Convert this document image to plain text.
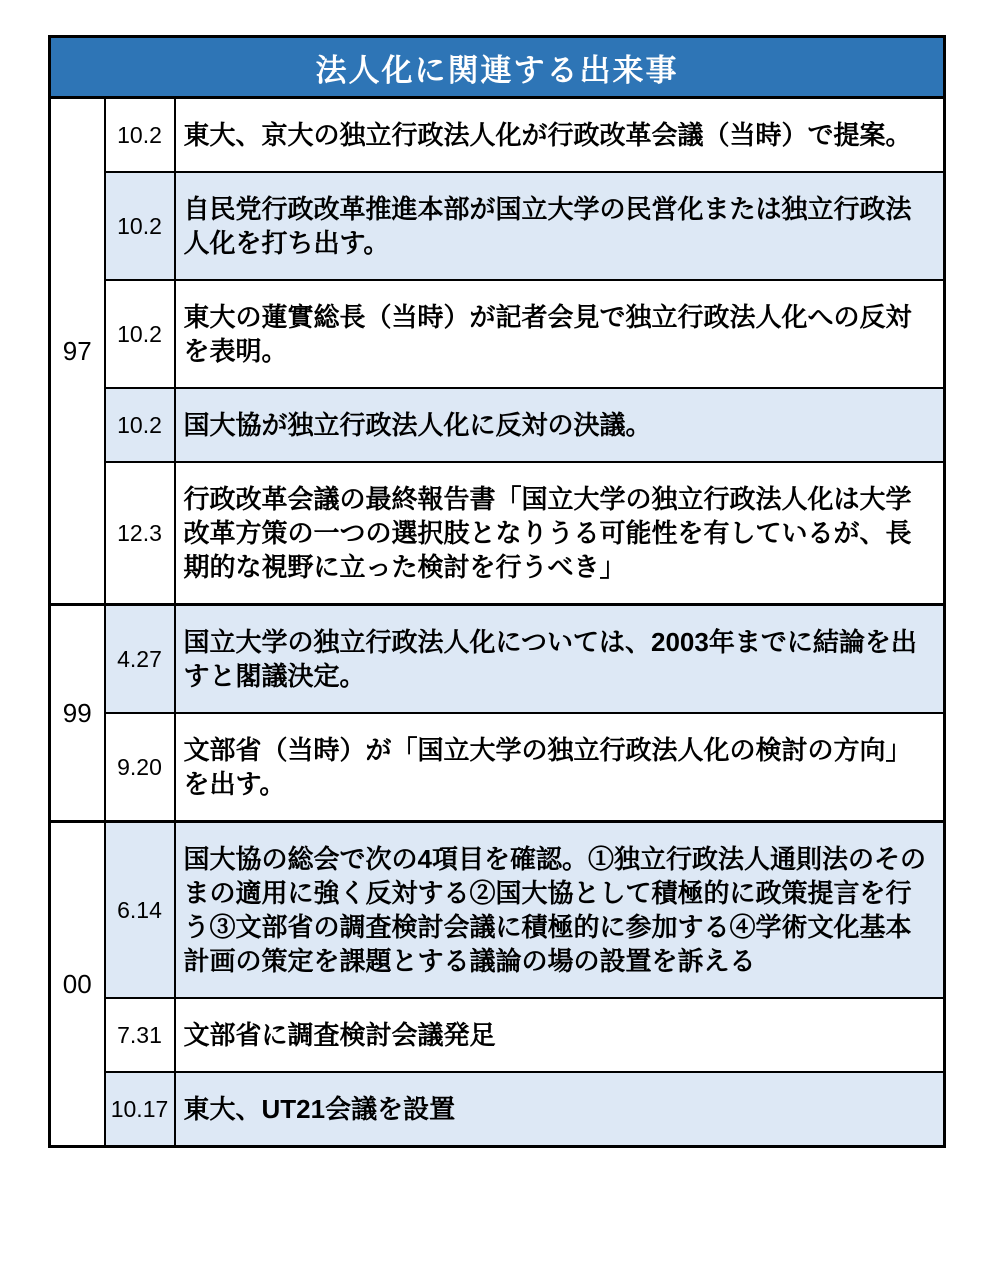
法人化に関連する出来事		
97	10.2	東大、京大の独立行政法人化が行政改革会議（当時）で提案。
	10.2	自民党行政改革推進本部が国立大学の民営化または独立行政法人化を打ち出す。
	10.2	東大の蓮實総長（当時）が記者会見で独立行政法人化への反対を表明。
	10.2	国大協が独立行政法人化に反対の決議。
	12.3	行政改革会議の最終報告書「国立大学の独立行政法人化は大学改革方策の一つの選択肢となりうる可能性を有しているが、長期的な視野に立った検討を行うべき」
99	4.27	国立大学の独立行政法人化については、2003年までに結論を出すと閣議決定。
	9.20	文部省（当時）が「国立大学の独立行政法人化の検討の方向」を出す。
00	6.14	国大協の総会で次の4項目を確認。①独立行政法人通則法のそのまの適用に強く反対する②国大協として積極的に政策提言を行う③文部省の調査検討会議に積極的に参加する④学術文化基本計画の策定を課題とする議論の場の設置を訴える
	7.31	文部省に調査検討会議発足
	10.17	東大、UT21会議を設置
